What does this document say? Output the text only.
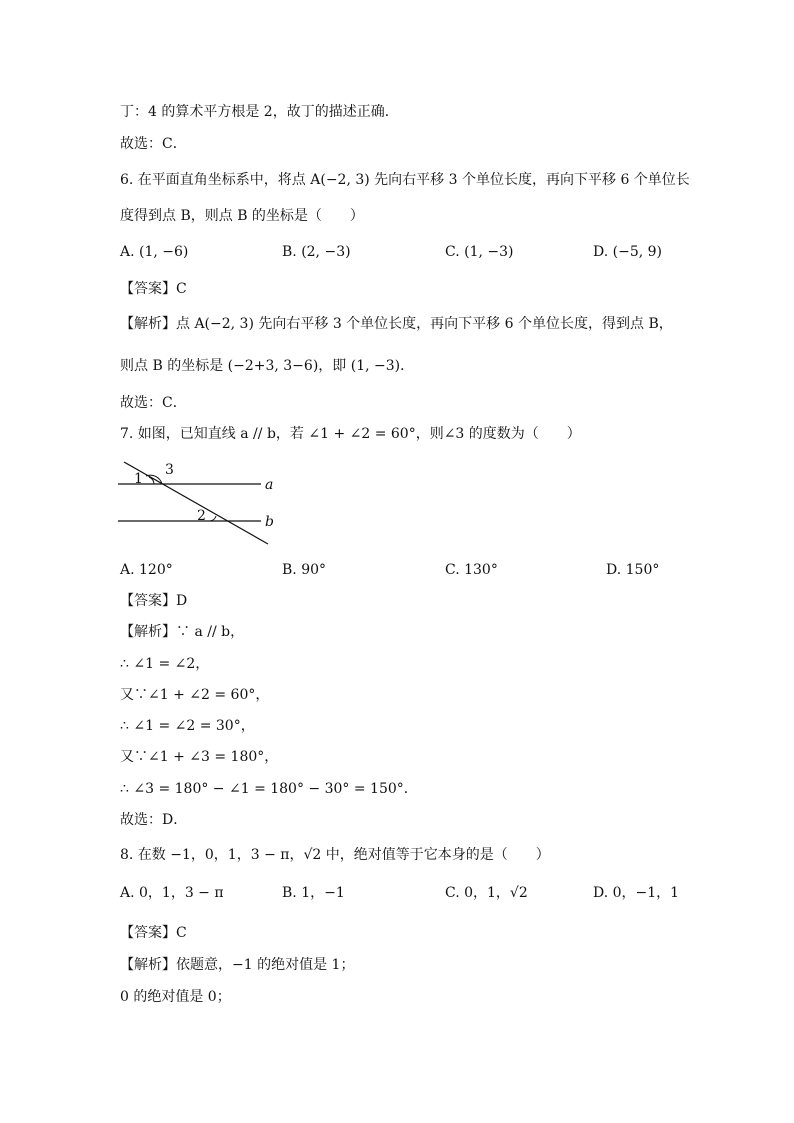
丁：4 的算术平方根是 2，故丁的描述正确．
故选：C．
6. 在平面直角坐标系中，将点 A(−2, 3) 先向右平移 3 个单位长度，再向下平移 6 个单位长
度得到点 B，则点 B 的坐标是（　　）
A. (1, −6)	B. (2, −3)	C. (1, −3)	D. (−5, 9)
【答案】C
【解析】点 A(−2, 3) 先向右平移 3 个单位长度，再向下平移 6 个单位长度，得到点 B，
则点 B 的坐标是 (−2+3, 3−6)，即 (1, −3)．
故选：C．
7. 如图，已知直线 a // b，若 ∠1 + ∠2 = 60°，则∠3 的度数为（　　）
1
3
2
a
b
A. 120°	B. 90°	C. 130°	D. 150°
【答案】D
【解析】∵ a // b，
∴ ∠1 = ∠2，
又∵∠1 + ∠2 = 60°，
∴ ∠1 = ∠2 = 30°，
又∵∠1 + ∠3 = 180°，
∴ ∠3 = 180° − ∠1 = 180° − 30° = 150°．
故选：D．
8. 在数 −1，0，1，3 − π，√2 中，绝对值等于它本身的是（　　）
A. 0，1，3 − π	B. 1，−1	C. 0，1，√2	D. 0，−1，1
【答案】C
【解析】依题意，−1 的绝对值是 1；
0 的绝对值是 0；
